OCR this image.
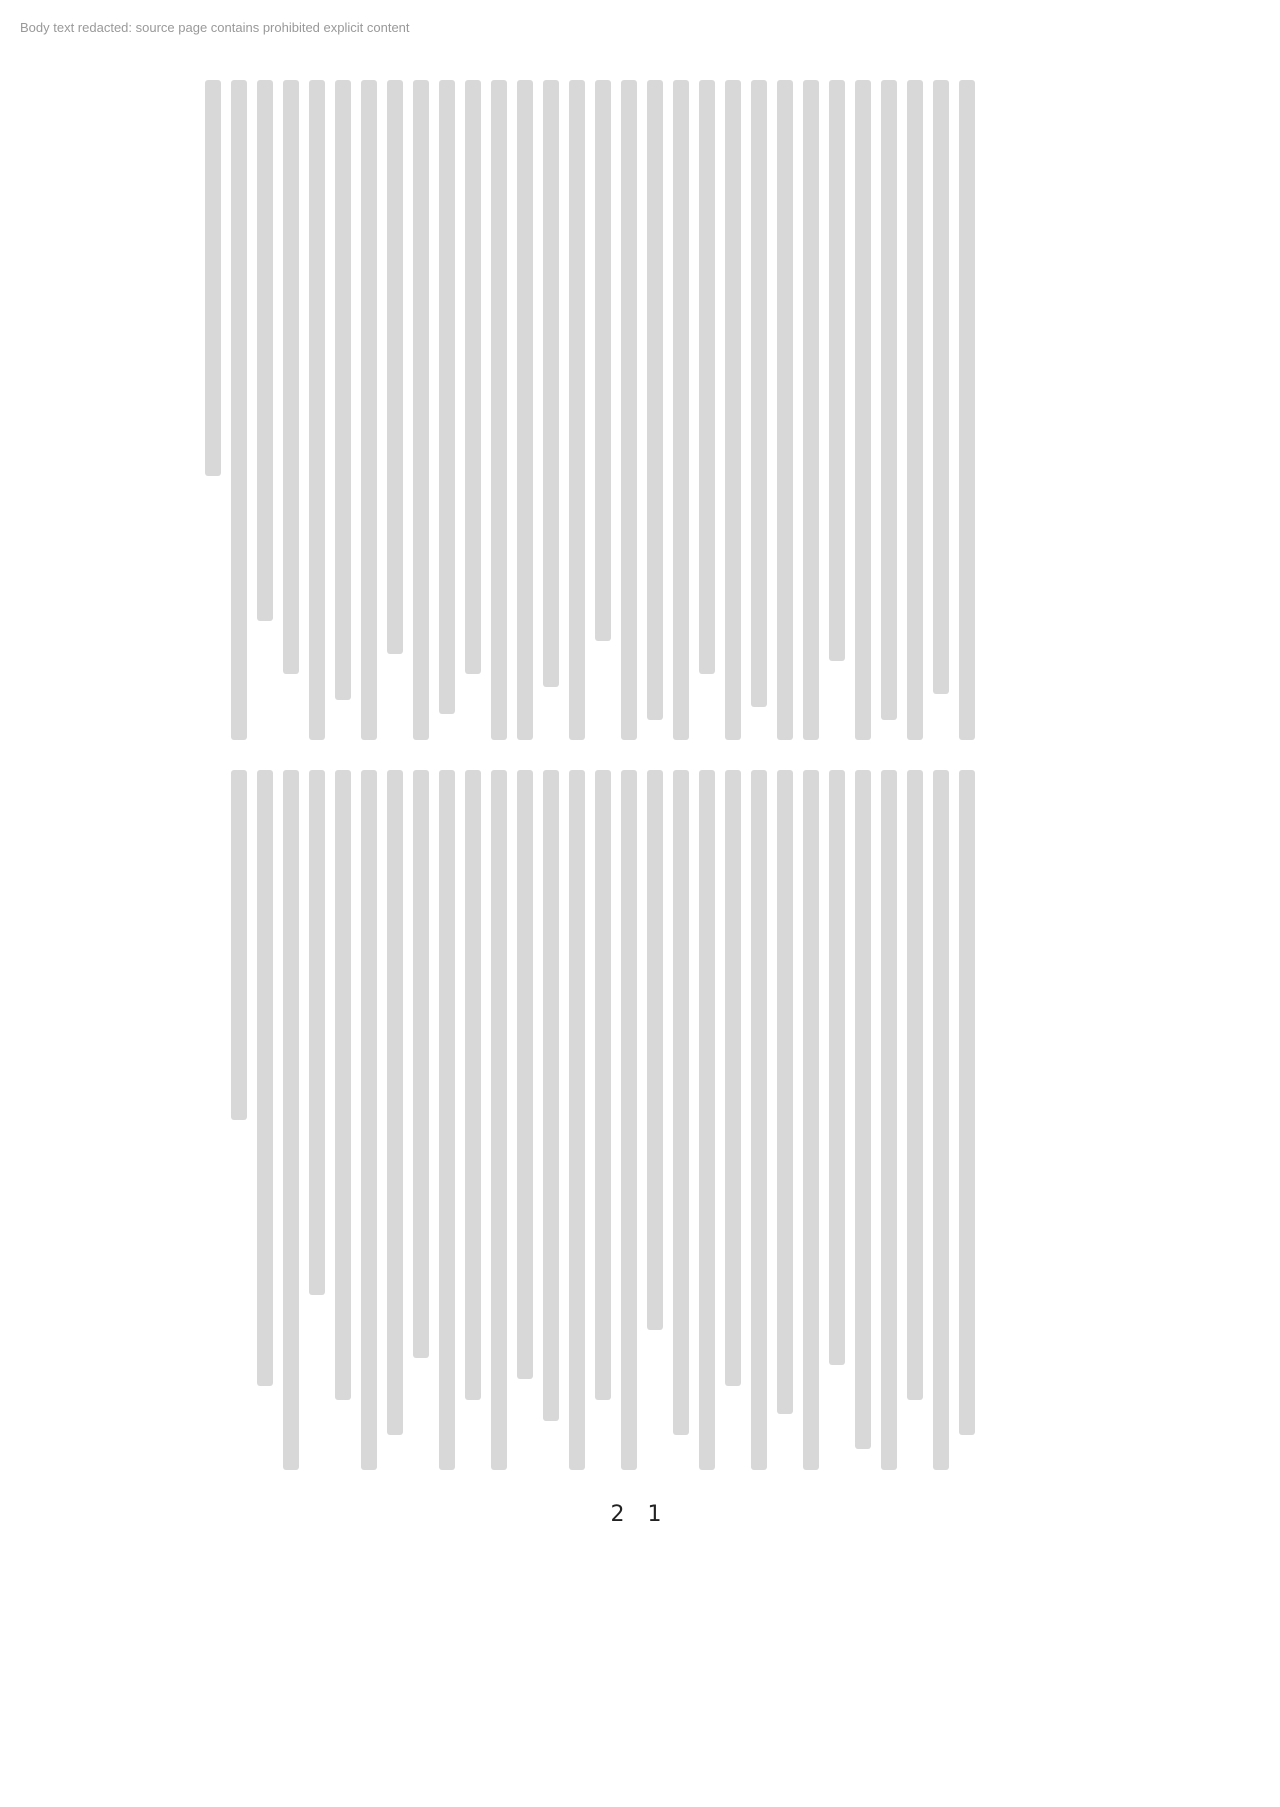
Body text redacted: source page contains prohibited explicit content
2 1
